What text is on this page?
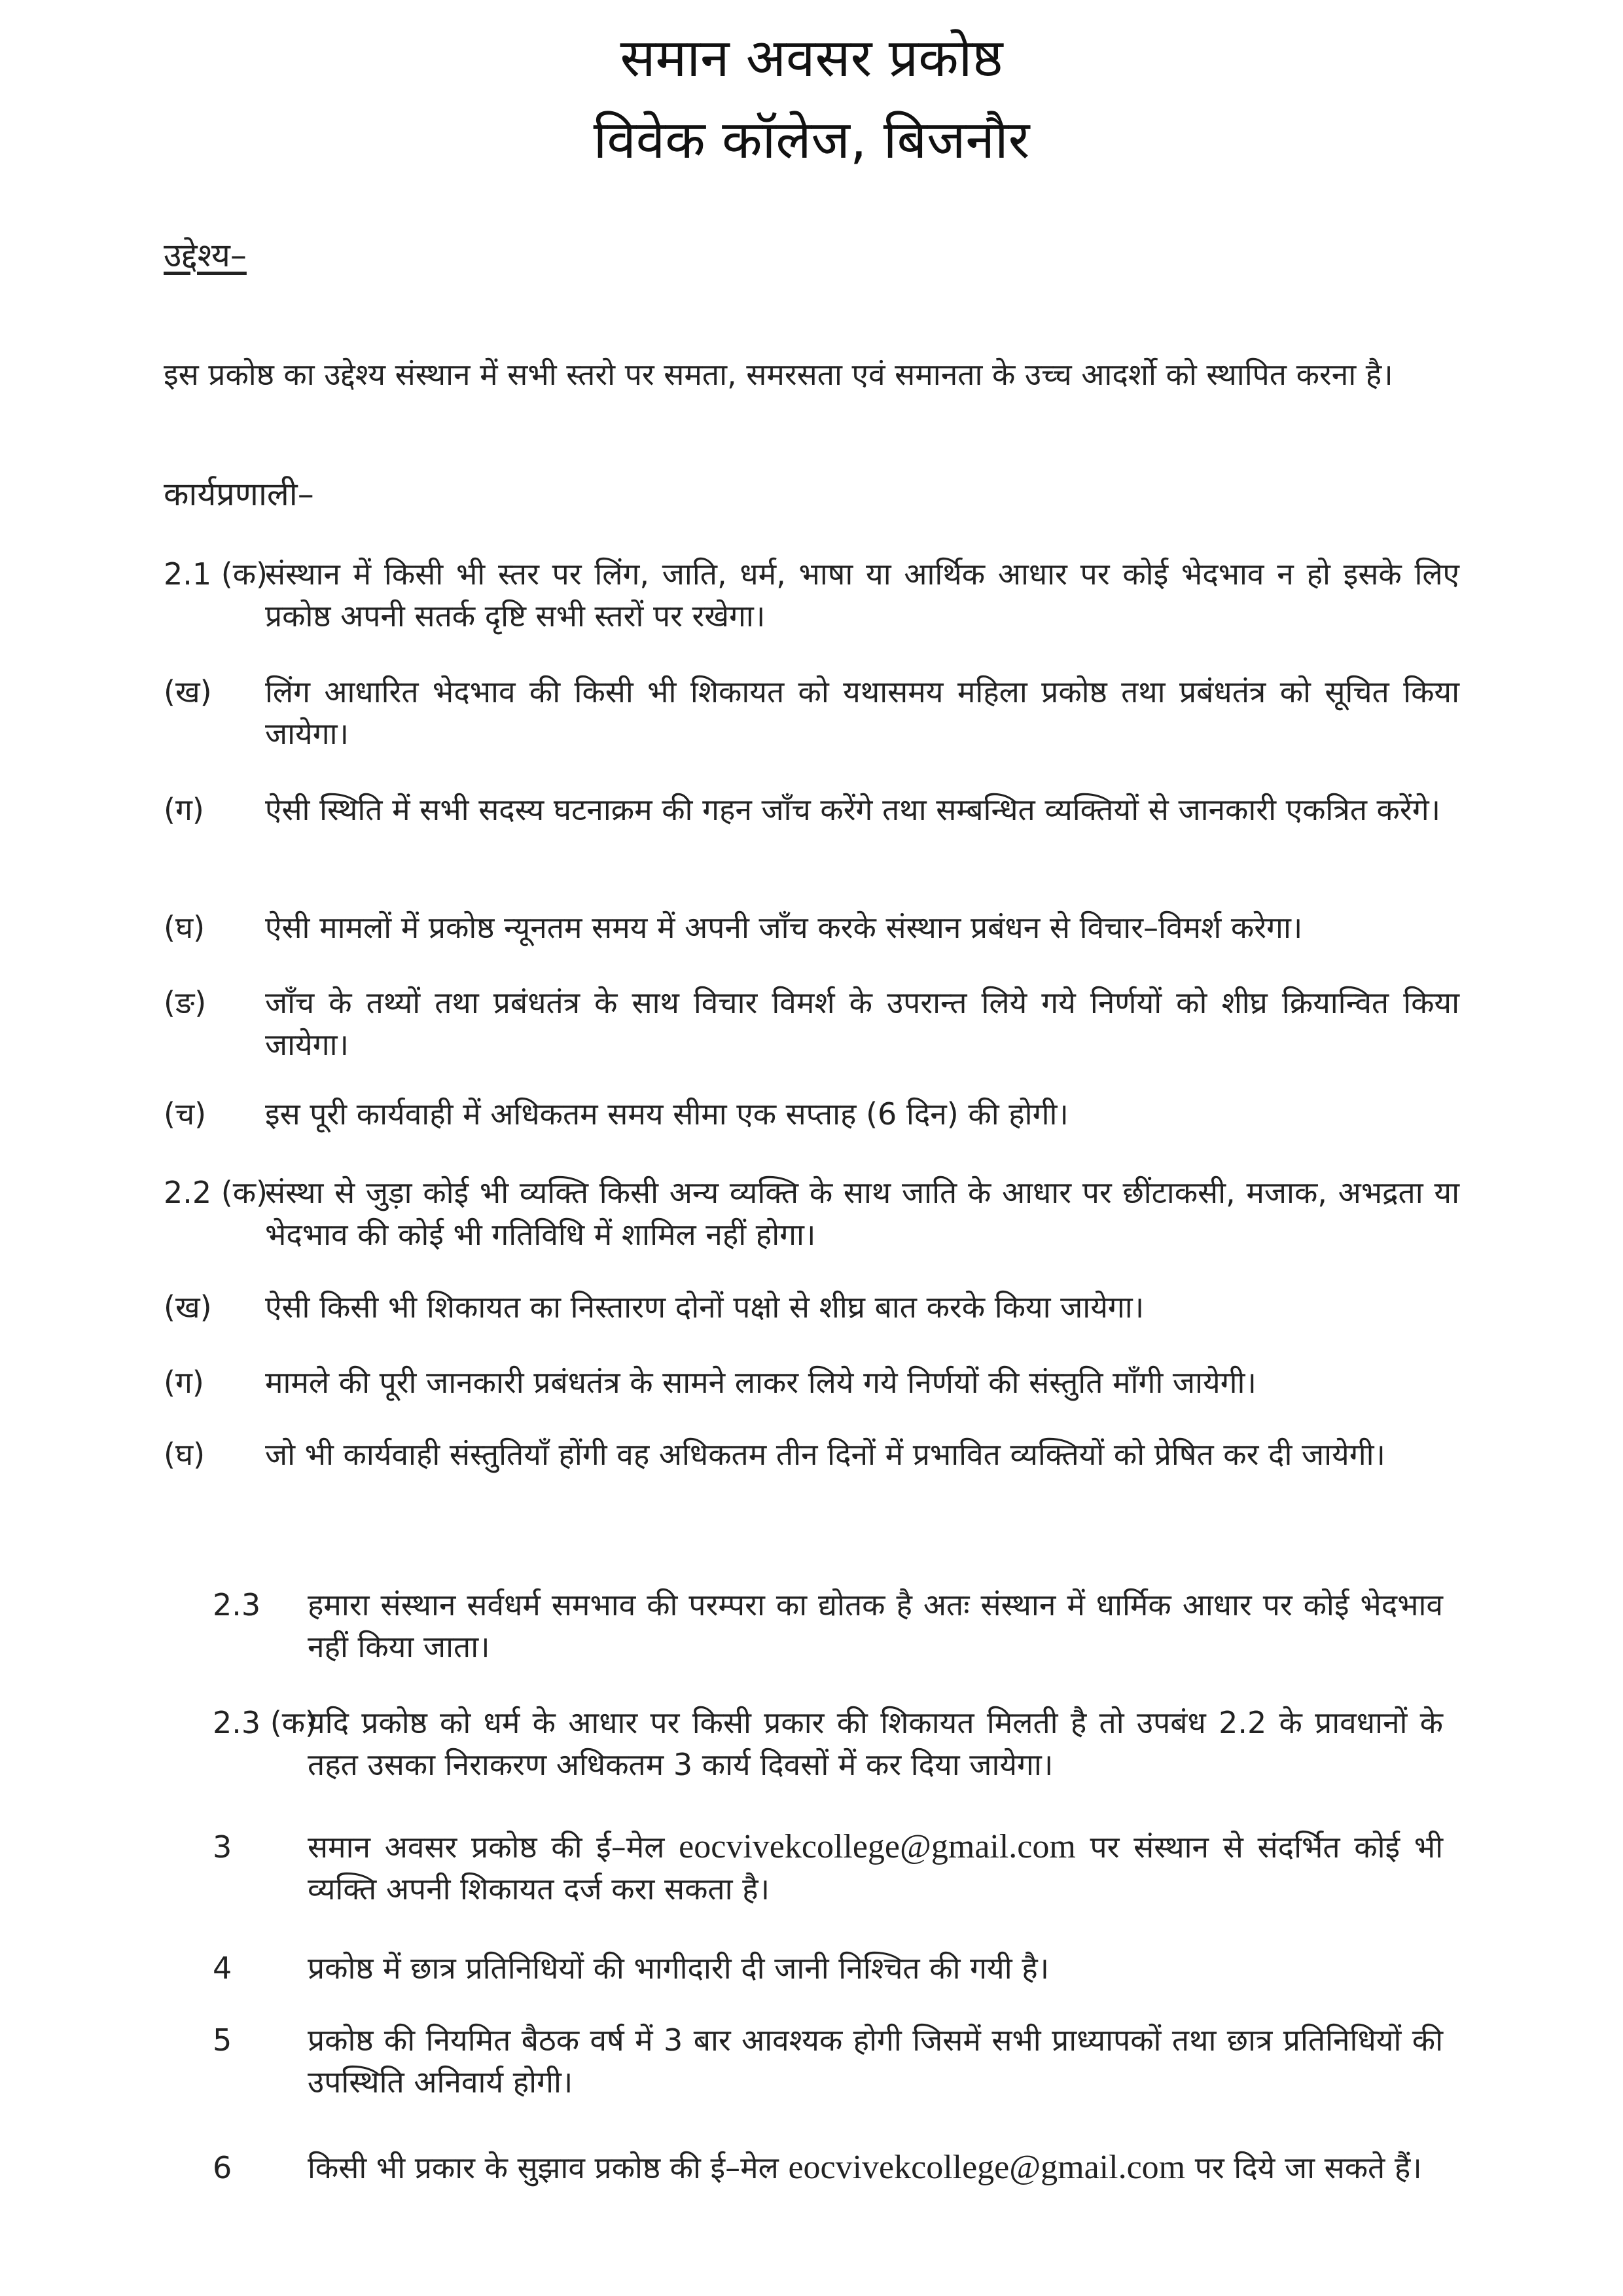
समान अवसर प्रकोष्ठ
विवेक कॉलेज, बिजनौर
उद्देश्य–
इस प्रकोष्ठ का उद्देश्य संस्थान में सभी स्तरो पर समता, समरसता एवं समानता के उच्च आदर्शो को स्थापित करना है।
कार्यप्रणाली–
2.1 (क)
संस्थान में किसी भी स्तर पर लिंग, जाति, धर्म, भाषा या आर्थिक आधार पर कोई भेदभाव न हो इसके लिए प्रकोष्ठ अपनी सतर्क दृष्टि सभी स्तरों पर रखेगा।
(ख) लिंग आधारित भेदभाव की किसी भी शिकायत को यथासमय महिला प्रकोष्ठ तथा प्रबंधतंत्र को सूचित किया जायेगा।
(ग) ऐसी स्थिति में सभी सदस्य घटनाक्रम की गहन जाँच करेंगे तथा सम्बन्धित व्यक्तियों से जानकारी एकत्रित करेंगे।
(घ) ऐसी मामलों में प्रकोष्ठ न्यूनतम समय में अपनी जाँच करके संस्थान प्रबंधन से विचार–विमर्श करेगा।
(ङ) जाँच के तथ्यों तथा प्रबंधतंत्र के साथ विचार विमर्श के उपरान्त लिये गये निर्णयों को शीघ्र क्रियान्वित किया जायेगा।
(च) इस पूरी कार्यवाही में अधिकतम समय सीमा एक सप्ताह (6 दिन) की होगी।
2.2 (क)
संस्था से जुड़ा कोई भी व्यक्ति किसी अन्य व्यक्ति के साथ जाति के आधार पर छींटाकसी, मजाक, अभद्रता या भेदभाव की कोई भी गतिविधि में शामिल नहीं होगा।
(ख) ऐसी किसी भी शिकायत का निस्तारण दोनों पक्षो से शीघ्र बात करके किया जायेगा।
(ग) मामले की पूरी जानकारी प्रबंधतंत्र के सामने लाकर लिये गये निर्णयों की संस्तुति माँगी जायेगी।
(घ) जो भी कार्यवाही संस्तुतियाँ होंगी वह अधिकतम तीन दिनों में प्रभावित व्यक्तियों को प्रेषित कर दी जायेगी।
2.3 हमारा संस्थान सर्वधर्म समभाव की परम्परा का द्योतक है अतः संस्थान में धार्मिक आधार पर कोई भेदभाव नहीं किया जाता।
2.3 (क)
यदि प्रकोष्ठ को धर्म के आधार पर किसी प्रकार की शिकायत मिलती है तो उपबंध 2.2 के प्रावधानों के तहत उसका निराकरण अधिकतम 3 कार्य दिवसों में कर दिया जायेगा।
3	समान अवसर प्रकोष्ठ की ई–मेल eocvivekcollege@gmail.com पर संस्थान से संदर्भित कोई भी व्यक्ति अपनी शिकायत दर्ज करा सकता है।
4	प्रकोष्ठ में छात्र प्रतिनिधियों की भागीदारी दी जानी निश्चित की गयी है।
5	प्रकोष्ठ की नियमित बैठक वर्ष में 3 बार आवश्यक होगी जिसमें सभी प्राध्यापकों तथा छात्र प्रतिनिधियों की उपस्थिति अनिवार्य होगी।
6	किसी भी प्रकार के सुझाव प्रकोष्ठ की ई–मेल eocvivekcollege@gmail.com पर दिये जा सकते हैं।
